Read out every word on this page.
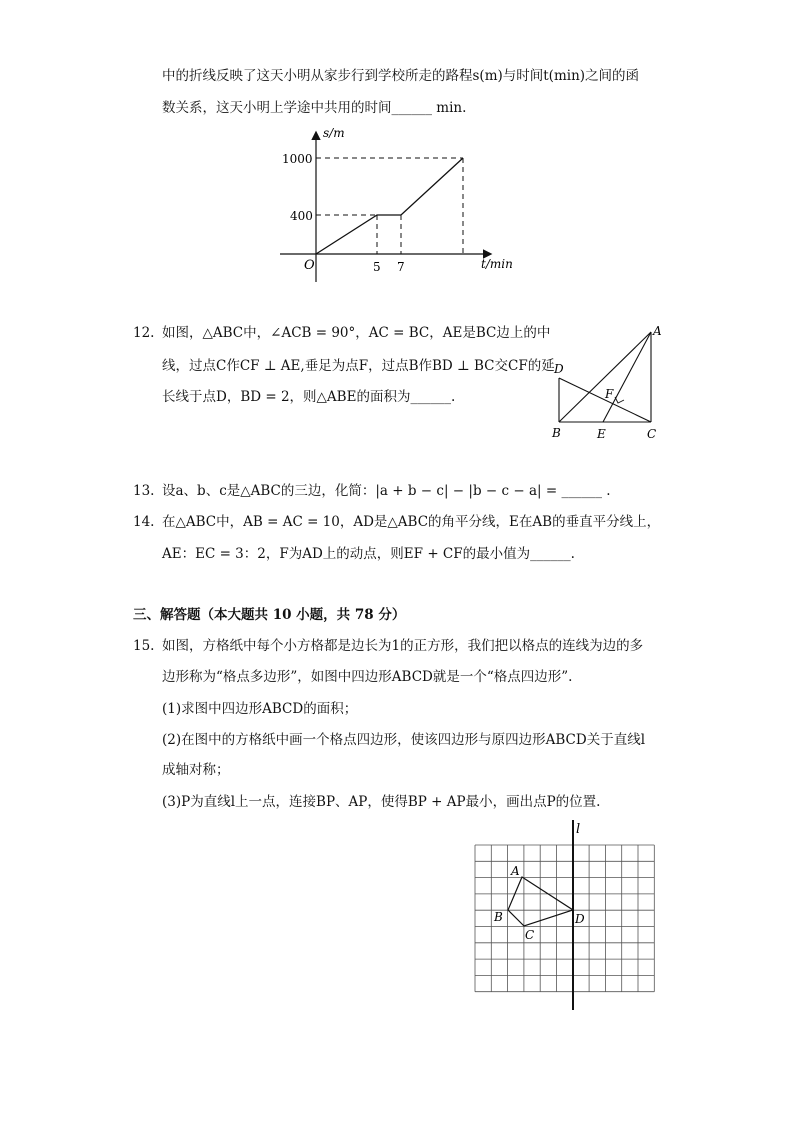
中的折线反映了这天小明从家步行到学校所走的路程s(m)与时间t(min)之间的函
数关系，这天小明上学途中共用的时间______ min.
s/m
t/min
O
1000
400
5 7
12. 如图，△ABC中，∠ACB = 90°，AC = BC，AE是BC边上的中
线，过点C作CF ⊥ AE,垂足为点F，过点B作BD ⊥ BC交CF的延
长线于点D，BD = 2，则△ABE的面积为______.
A
D
F
B	E	C
13. 设a、b、c是△ABC的三边，化简：|a + b − c| − |b − c − a| = ______ .
14. 在△ABC中，AB = AC = 10，AD是△ABC的角平分线，E在AB的垂直平分线上，
AE：EC = 3：2，F为AD上的动点，则EF + CF的最小值为______.
三、解答题（本大题共 10 小题，共 78 分）
15. 如图，方格纸中每个小方格都是边长为1的正方形，我们把以格点的连线为边的多
边形称为“格点多边形”，如图中四边形ABCD就是一个“格点四边形”.
(1)求图中四边形ABCD的面积；
(2)在图中的方格纸中画一个格点四边形，使该四边形与原四边形ABCD关于直线l
成轴对称；
(3)P为直线l上一点，连接BP、AP，使得BP + AP最小，画出点P的位置.
l
A
B
C
D
